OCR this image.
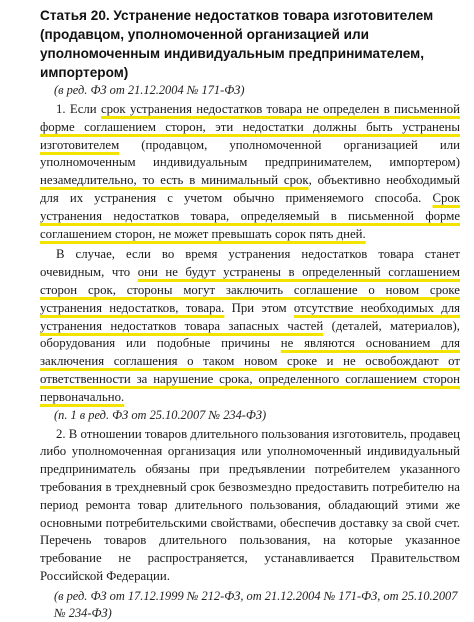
Статья 20. Устранение недостатков товара изготовителем (продавцом, уполномоченной организацией или уполномоченным индивидуальным предпринимателем, импортером)

(в ред. ФЗ от 21.12.2004 № 171-ФЗ)

1. Если срок устранения недостатков товара не определен в письменной форме соглашением сторон, эти недостатки должны быть устранены изготовителем (продавцом, уполномоченной организацией или уполномоченным индивидуальным предпринимателем, импортером) незамедлительно, то есть в минимальный срок, объективно необходимый для их устранения с учетом обычно применяемого способа. Срок устранения недостатков товара, определяемый в письменной форме соглашением сторон, не может превышать сорок пять дней.

В случае, если во время устранения недостатков товара станет очевидным, что они не будут устранены в определенный соглашением сторон срок, стороны могут заключить соглашение о новом сроке устранения недостатков, товара. При этом отсутствие необходимых для устранения недостатков товара запасных частей (деталей, материалов), оборудования или подобные причины не являются основанием для заключения соглашения о таком новом сроке и не освобождают от ответственности за нарушение срока, определенного соглашением сторон первоначально.

(п. 1 в ред. ФЗ от 25.10.2007 № 234-ФЗ)

2. В отношении товаров длительного пользования изготовитель, продавец либо уполномоченная организация или уполномоченный индивидуальный предприниматель обязаны при предъявлении потребителем указанного требования в трехдневный срок безвозмездно предоставить потребителю на период ремонта товар длительного пользования, обладающий этими же основными потребительскими свойствами, обеспечив доставку за свой счет. Перечень товаров длительного пользования, на которые указанное требование не распространяется, устанавливается Правительством Российской Федерации.

(в ред. ФЗ от 17.12.1999 № 212-ФЗ, от 21.12.2004 № 171-ФЗ, от 25.10.2007 № 234-ФЗ)
